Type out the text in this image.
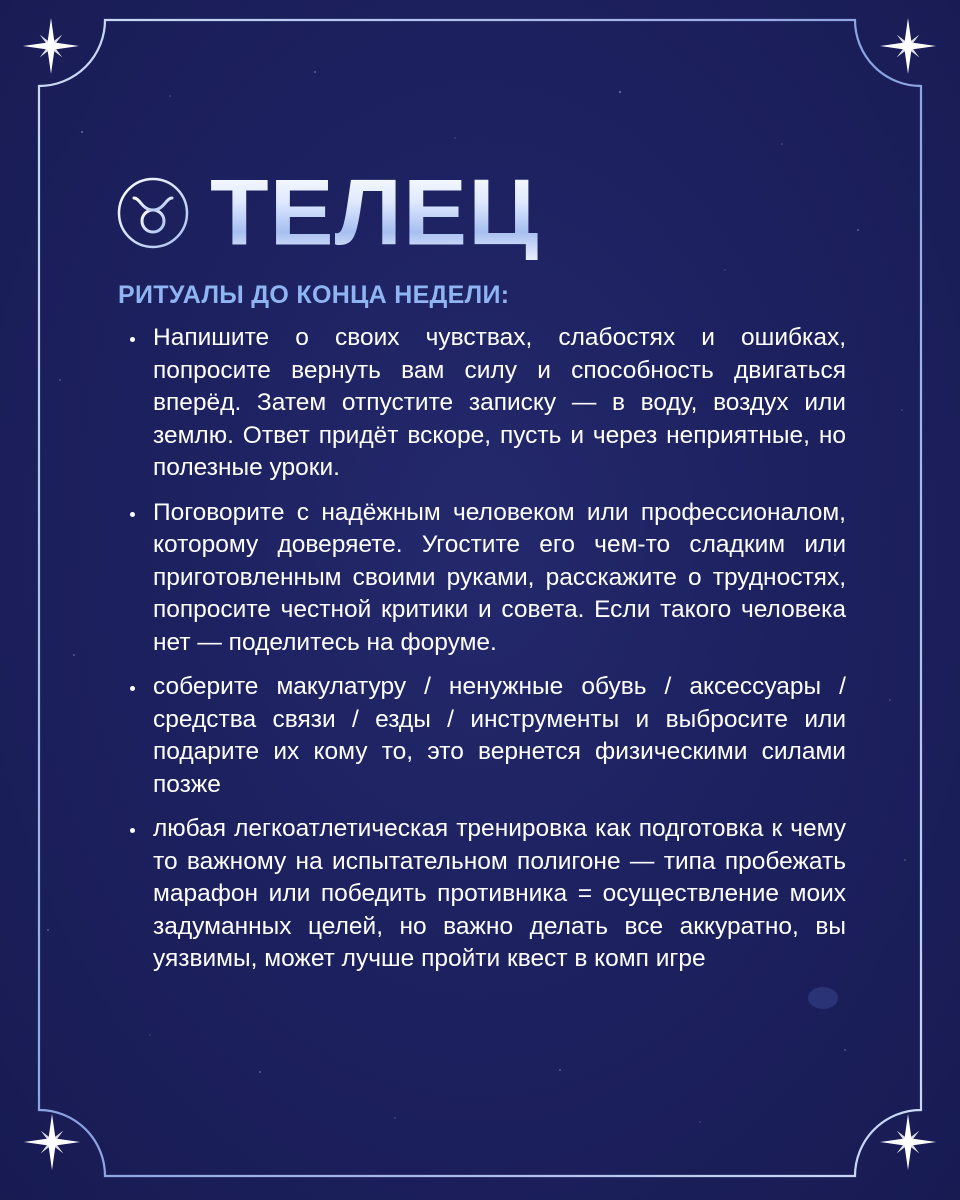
ТЕЛЕЦ
РИТУАЛЫ ДО КОНЦА НЕДЕЛИ:
Напишите о своих чувствах, слабостях и ошибках, попросите вернуть вам силу и способность двигаться вперёд. Затем отпустите записку — в воду, воздух или землю. Ответ придёт вскоре, пусть и через неприятные, но полезные уроки.
Поговорите с надёжным человеком или профессионалом, которому доверяете. Угостите его чем-то сладким или приготовленным своими руками, расскажите о трудностях, попросите честной критики и совета. Если такого человека нет — поделитесь на форуме.
соберите макулатуру / ненужные обувь / аксессуары / средства связи / езды / инструменты и выбросите или подарите их кому то, это вернется физическими силами позже
любая легкоатлетическая тренировка как подготовка к чему то важному на испытательном полигоне — типа пробежать марафон или победить противника = осуществление моих задуманных целей, но важно делать все аккуратно, вы уязвимы, может лучше пройти квест в комп игре
